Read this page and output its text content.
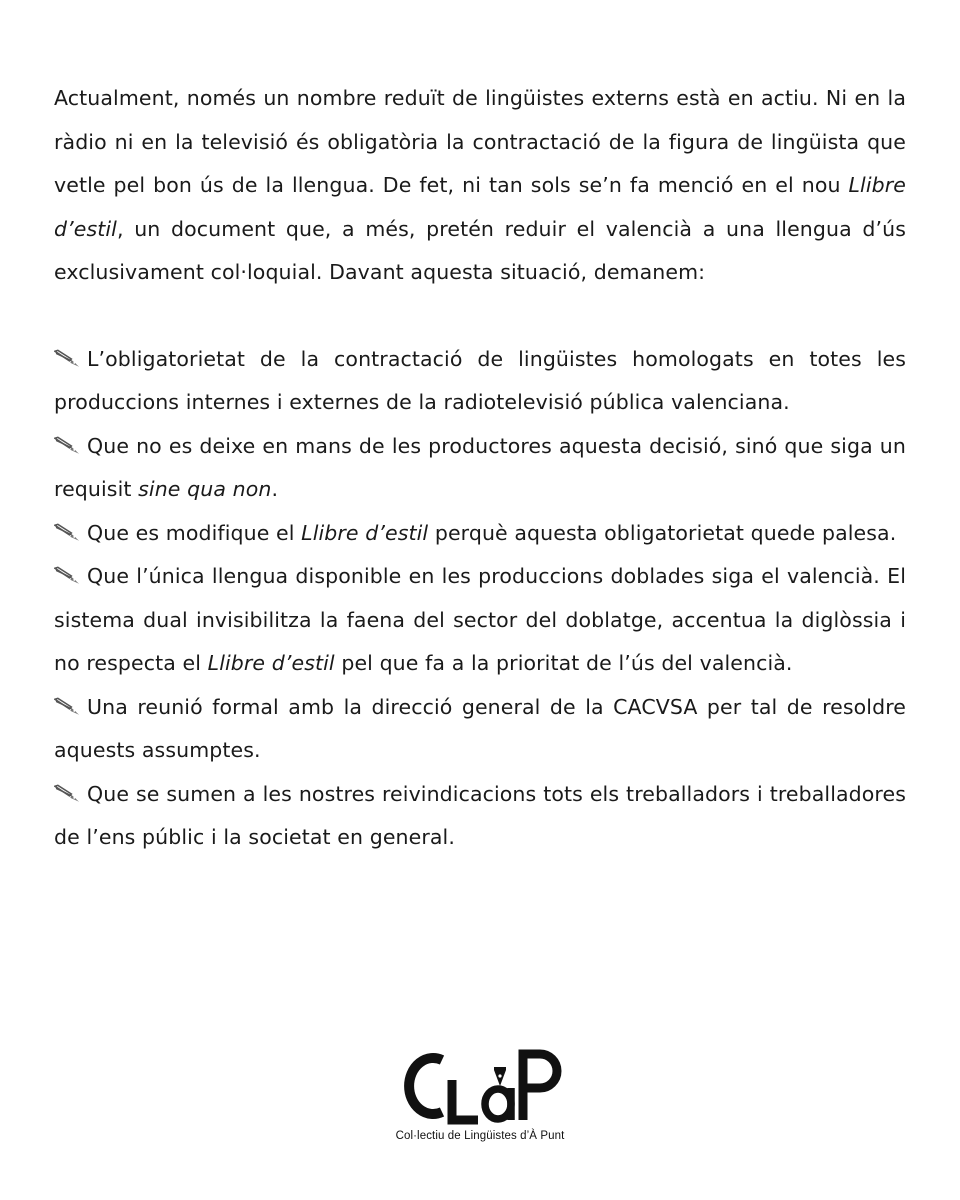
Actualment, només un nombre reduït de lingüistes externs està en actiu. Ni en la ràdio ni en la televisió és obligatòria la contractació de la figura de lingüista que vetle pel bon ús de la llengua. De fet, ni tan sols se’n fa menció en el nou Llibre d’estil, un document que, a més, pretén reduir el valencià a una llengua d’ús exclusivament col·loquial. Davant aquesta situació, demanem:

L’obligatorietat de la contractació de lingüistes homologats en totes les produccions internes i externes de la radiotelevisió pública valenciana.

Que no es deixe en mans de les productores aquesta decisió, sinó que siga un requisit sine qua non.

Que es modifique el Llibre d’estil perquè aquesta obligatorietat quede palesa.

Que l’única llengua disponible en les produccions doblades siga el valencià. El sistema dual invisibilitza la faena del sector del doblatge, accentua la diglòssia i no respecta el Llibre d’estil pel que fa a la prioritat de l’ús del valencià.

Una reunió formal amb la direcció general de la CACVSA per tal de resoldre aquests assumptes.

Que se sumen a les nostres reivindicacions tots els treballadors i treballadores de l’ens públic i la societat en general.

Col·lectiu de Lingüistes d’À Punt
